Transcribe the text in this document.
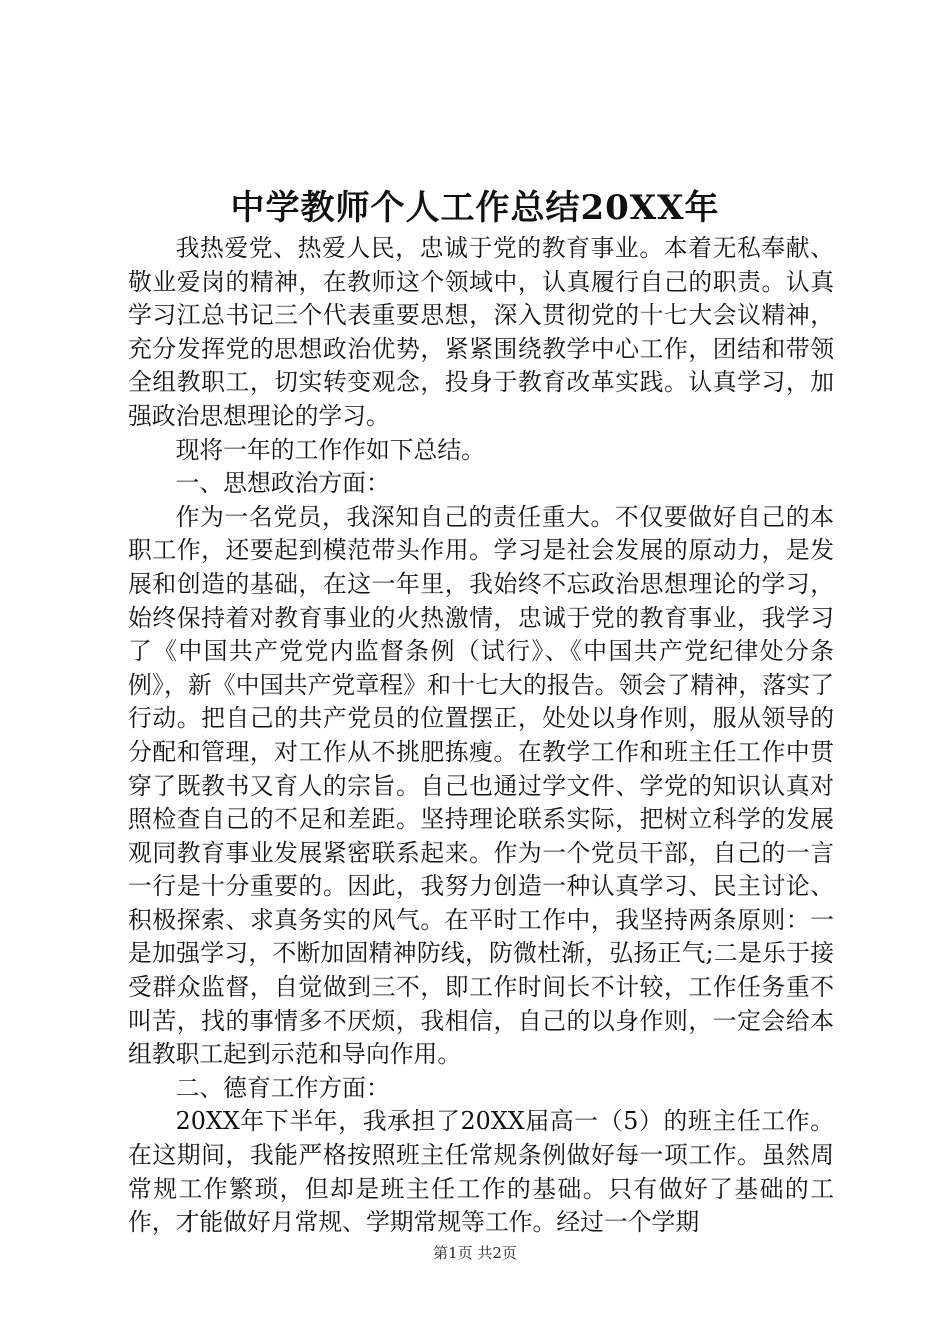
中学教师个人工作总结20XX年

我热爱党、热爱人民，忠诚于党的教育事业。本着无私奉献、敬业爱岗的精神，在教师这个领域中，认真履行自己的职责。认真学习江总书记三个代表重要思想，深入贯彻党的十七大会议精神，充分发挥党的思想政治优势，紧紧围绕教学中心工作，团结和带领全组教职工，切实转变观念，投身于教育改革实践。认真学习，加强政治思想理论的学习。

现将一年的工作作如下总结。

一、思想政治方面：

作为一名党员，我深知自己的责任重大。不仅要做好自己的本职工作，还要起到模范带头作用。学习是社会发展的原动力，是发展和创造的基础，在这一年里，我始终不忘政治思想理论的学习，始终保持着对教育事业的火热激情，忠诚于党的教育事业，我学习了《中国共产党党内监督条例（试行》、《中国共产党纪律处分条例》，新《中国共产党章程》和十七大的报告。领会了精神，落实了行动。把自己的共产党员的位置摆正，处处以身作则，服从领导的分配和管理，对工作从不挑肥拣瘦。在教学工作和班主任工作中贯穿了既教书又育人的宗旨。自己也通过学文件、学党的知识认真对照检查自己的不足和差距。坚持理论联系实际，把树立科学的发展观同教育事业发展紧密联系起来。作为一个党员干部，自己的一言一行是十分重要的。因此，我努力创造一种认真学习、民主讨论、积极探索、求真务实的风气。在平时工作中，我坚持两条原则：一是加强学习，不断加固精神防线，防微杜渐，弘扬正气;二是乐于接受群众监督，自觉做到三不，即工作时间长不计较，工作任务重不叫苦，找的事情多不厌烦，我相信，自己的以身作则，一定会给本组教职工起到示范和导向作用。

二、德育工作方面：

20XX年下半年，我承担了20XX届高一（5）的班主任工作。在这期间，我能严格按照班主任常规条例做好每一项工作。虽然周常规工作繁琐，但却是班主任工作的基础。只有做好了基础的工作，才能做好月常规、学期常规等工作。经过一个学期

第1页 共2页
